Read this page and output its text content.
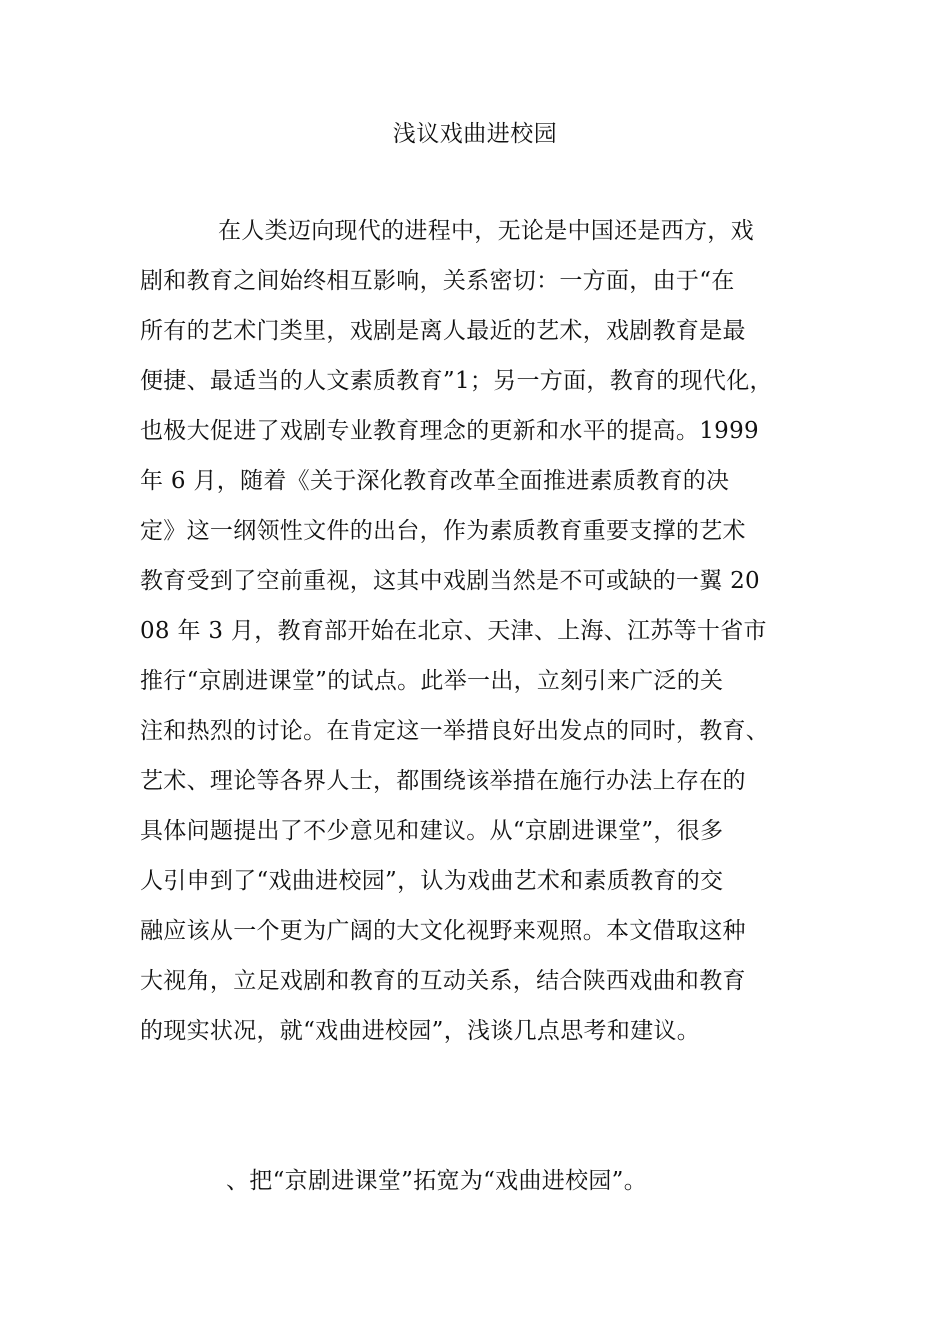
浅议戏曲进校园
在人类迈向现代的进程中，无论是中国还是西方，戏
剧和教育之间始终相互影响，关系密切：一方面，由于“在
所有的艺术门类里，戏剧是离人最近的艺术，戏剧教育是最
便捷、最适当的人文素质教育”1；另一方面，教育的现代化，
也极大促进了戏剧专业教育理念的更新和水平的提高。1999
年 6 月，随着《关于深化教育改革全面推进素质教育的决
定》这一纲领性文件的出台，作为素质教育重要支撑的艺术
教育受到了空前重视，这其中戏剧当然是不可或缺的一翼 20
08 年 3 月，教育部开始在北京、天津、上海、江苏等十省市
推行“京剧进课堂”的试点。此举一出，立刻引来广泛的关
注和热烈的讨论。在肯定这一举措良好出发点的同时，教育、
艺术、理论等各界人士，都围绕该举措在施行办法上存在的
具体问题提出了不少意见和建议。从“京剧进课堂”，很多
人引申到了“戏曲进校园”，认为戏曲艺术和素质教育的交
融应该从一个更为广阔的大文化视野来观照。本文借取这种
大视角，立足戏剧和教育的互动关系，结合陕西戏曲和教育
的现实状况，就“戏曲进校园”，浅谈几点思考和建议。
、把“京剧进课堂”拓宽为“戏曲进校园”。
